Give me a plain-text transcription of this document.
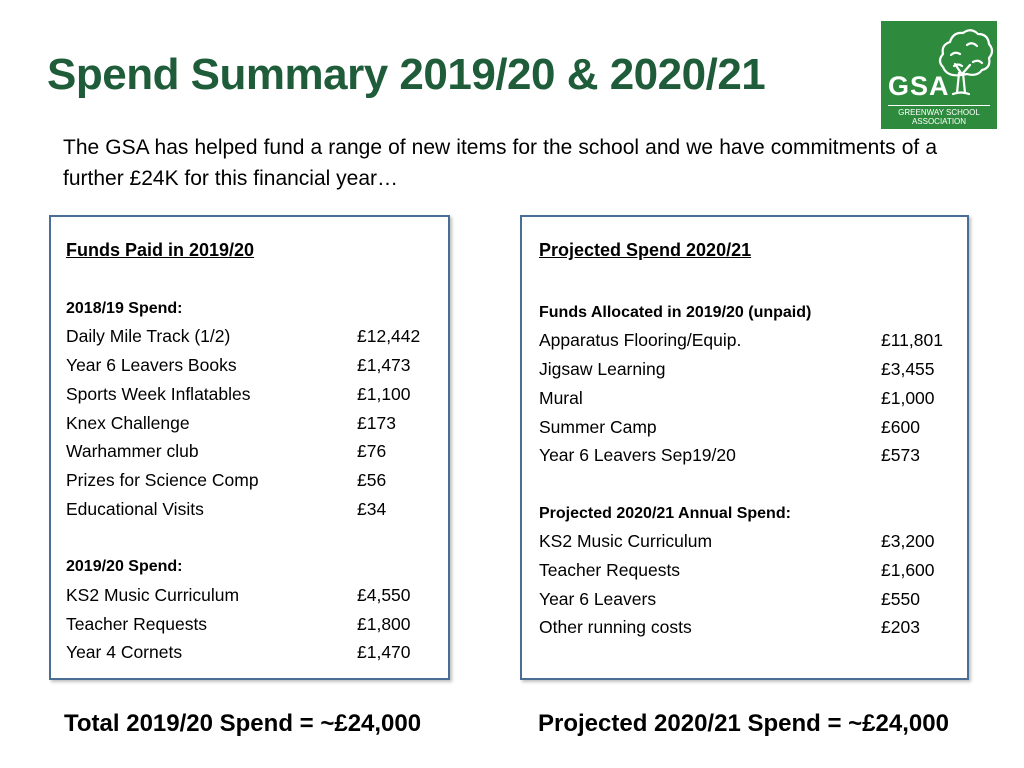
Spend Summary 2019/20 & 2020/21	GSA
GREENWAY SCHOOL
ASSOCIATION
The GSA has helped fund a range of new items for the school and we have commitments of a further £24K for this financial year…
Funds Paid in 2019/20
2018/19 Spend:
Daily Mile Track (1/2)	£12,442
Year 6 Leavers Books	£1,473
Sports Week Inflatables	£1,100
Knex Challenge	£173
Warhammer club	£76
Prizes for Science Comp	£56
Educational Visits	£34
2019/20 Spend:
KS2 Music Curriculum	£4,550
Teacher Requests	£1,800
Year 4 Cornets	£1,470
Projected Spend 2020/21
Funds Allocated in 2019/20 (unpaid)
Apparatus Flooring/Equip.	£11,801
Jigsaw Learning	£3,455
Mural	£1,000
Summer Camp	£600
Year 6 Leavers Sep19/20	£573
Projected 2020/21 Annual Spend:
KS2 Music Curriculum	£3,200
Teacher Requests	£1,600
Year 6 Leavers	£550
Other running costs	£203
Total 2019/20 Spend = ~£24,000	Projected 2020/21 Spend = ~£24,000
